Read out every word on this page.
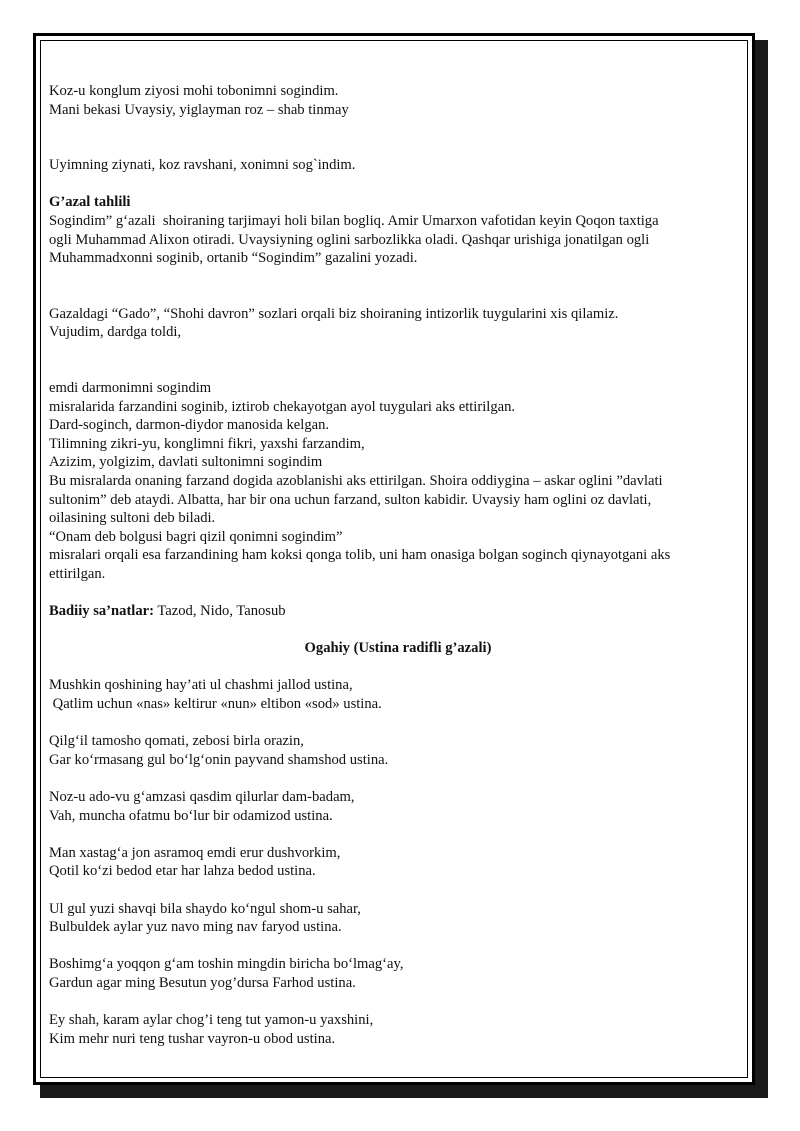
Koz-u konglum ziyosi mohi tobonimni sogindim.
Mani bekasi Uvaysiy, yiglayman roz – shab tinmay
Uyimning ziynati, koz ravshani, xonimni sog`indim.
G’azal tahlili
Sogindim” g‘azali  shoiraning tarjimayi holi bilan bogliq. Amir Umarxon vafotidan keyin Qoqon taxtiga
ogli Muhammad Alixon otiradi. Uvaysiyning oglini sarbozlikka oladi. Qashqar urishiga jonatilgan ogli
Muhammadxonni soginib, ortanib “Sogindim” gazalini yozadi.
Gazaldagi “Gado”, “Shohi davron” sozlari orqali biz shoiraning intizorlik tuygularini xis qilamiz.
Vujudim, dardga toldi,
emdi darmonimni sogindim
misralarida farzandini soginib, iztirob chekayotgan ayol tuygulari aks ettirilgan.
Dard-soginch, darmon-diydor manosida kelgan.
Tilimning zikri-yu, konglimni fikri, yaxshi farzandim,
Azizim, yolgizim, davlati sultonimni sogindim
Bu misralarda onaning farzand dogida azoblanishi aks ettirilgan. Shoira oddiygina – askar oglini ”davlati
sultonim” deb ataydi. Albatta, har bir ona uchun farzand, sulton kabidir. Uvaysiy ham oglini oz davlati,
oilasining sultoni deb biladi.
“Onam deb bolgusi bagri qizil qonimni sogindim”
misralari orqali esa farzandining ham koksi qonga tolib, uni ham onasiga bolgan soginch qiynayotgani aks
ettirilgan.
Badiiy sa’natlar: Tazod, Nido, Tanosub
Ogahiy (Ustina radifli g’azali)
Mushkin qoshining hay’ati ul chashmi jallod ustina,
Qatlim uchun «nas» keltirur «nun» eltibon «sod» ustina.
Qilg‘il tamosho qomati, zebosi birla orazin,
Gar ko‘rmasang gul bo‘lg‘onin payvand shamshod ustina.
Noz-u ado-vu g‘amzasi qasdim qilurlar dam-badam,
Vah, muncha ofatmu bo‘lur bir odamizod ustina.
Man xastag‘a jon asramoq emdi erur dushvorkim,
Qotil ko‘zi bedod etar har lahza bedod ustina.
Ul gul yuzi shavqi bila shaydo ko‘ngul shom-u sahar,
Bulbuldek aylar yuz navo ming nav faryod ustina.
Boshimg‘a yoqqon g‘am toshin mingdin biricha bo‘lmag‘ay,
Gardun agar ming Besutun yog’dursa Farhod ustina.
Ey shah, karam aylar chog’i teng tut yamon-u yaxshini,
Kim mehr nuri teng tushar vayron-u obod ustina.
